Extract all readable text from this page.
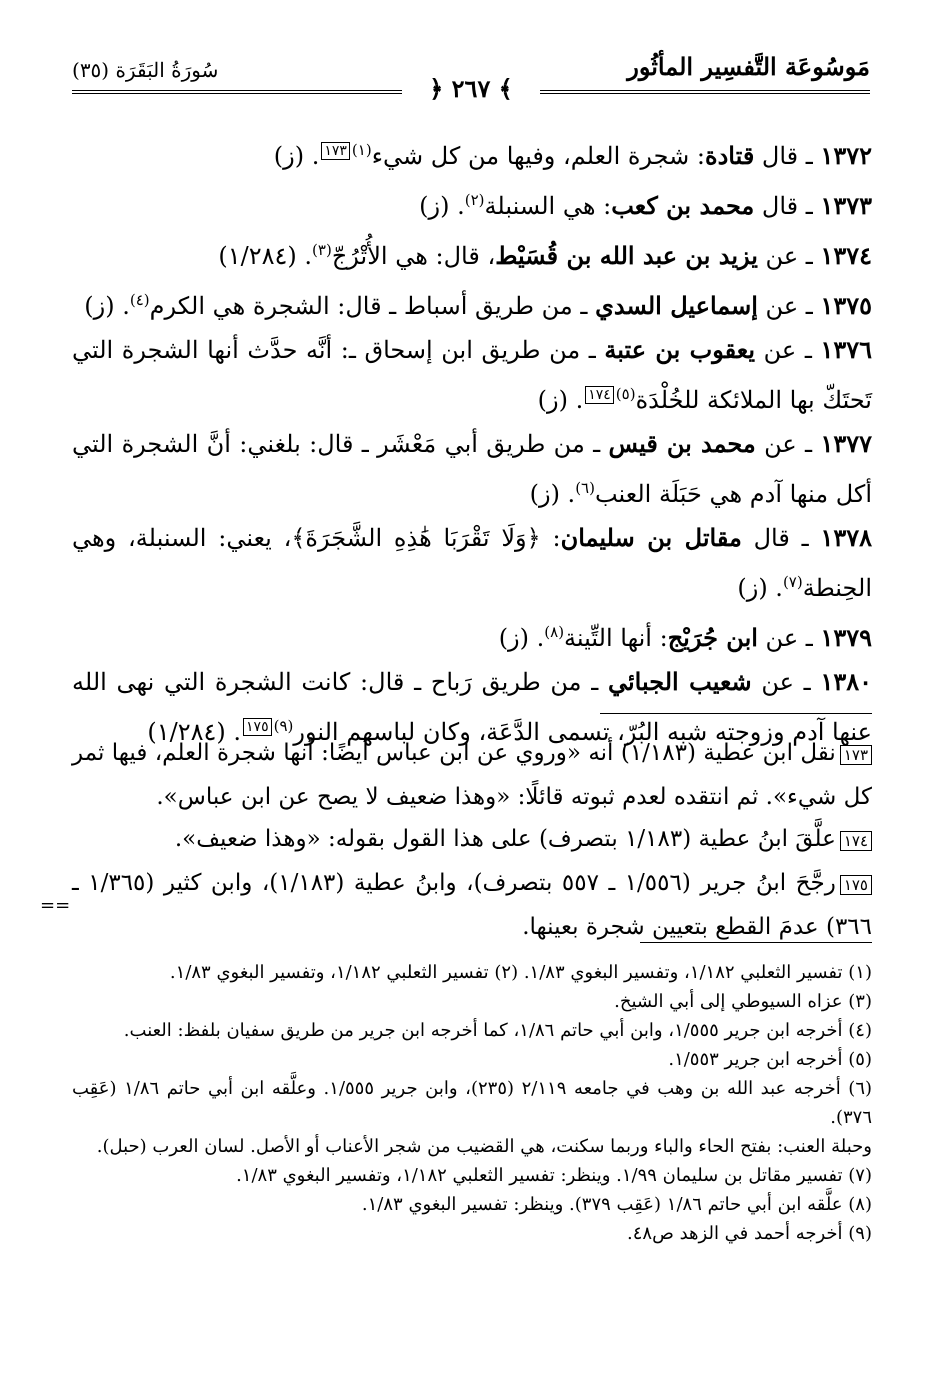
سُورَةُ البَقَرَة (٣٥)	مَوسُوعَة التَّفسِير المأثُور
﴿ ٢٦٧ ﴾
١٣٧٢ ـ قال قتادة: شجرة العلم، وفيها من كل شيء$^{(١)١٧٣}$. (ز)
١٣٧٣ ـ قال محمد بن كعب: هي السنبلة$^{(٢)}$. (ز)
١٣٧٤ ـ عن يزيد بن عبد الله بن قُسَيْط، قال: هي الأُتْرُجّ$^{(٣)}$. (١/٢٨٤)
١٣٧٥ ـ عن إسماعيل السدي ـ من طريق أسباط ـ قال: الشجرة هي الكرم$^{(٤)}$. (ز)
١٣٧٦ ـ عن يعقوب بن عتبة ـ من طريق ابن إسحاق ـ: أنَّه حدَّث أنها الشجرة التي تَحتَكّ بها الملائكة للخُلْدَة$^{(٥)١٧٤}$. (ز)
١٣٧٧ ـ عن محمد بن قيس ـ من طريق أبي مَعْشَر ـ قال: بلغني: أنَّ الشجرة التي أكل منها آدم هي حَبَلَة العنب$^{(٦)}$. (ز)
١٣٧٨ ـ قال مقاتل بن سليمان: ﴿وَلَا تَقْرَبَا هَٰذِهِ الشَّجَرَةَ﴾، يعني: السنبلة، وهي الحِنطة$^{(٧)}$. (ز)
١٣٧٩ ـ عن ابن جُرَيْج: أنها التِّينة$^{(٨)}$. (ز)
١٣٨٠ ـ عن شعيب الجبائي ـ من طريق رَباح ـ قال: كانت الشجرة التي نهى الله عنها آدم وزوجته شبه البُرّ، تسمى الدَّعَة، وكان لباسهم النور$^{(٩)١٧٥}$. (١/٢٨٤)
١٧٣نقل ابن عطية (١/١٨٣) أنه «وروي عن ابن عباس أيضًا: أنها شجرة العلم، فيها ثمر كل شيء». ثم انتقده لعدم ثبوته قائلًا: «وهذا ضعيف لا يصح عن ابن عباس».
١٧٤علَّقَ ابنُ عطية (١/١٨٣ بتصرف) على هذا القول بقوله: «وهذا ضعيف».
١٧٥رجَّحَ ابنُ جرير (١/٥٥٦ ـ ٥٥٧ بتصرف)، وابنُ عطية (١/١٨٣)، وابن كثير (١/٣٦٥ ـ ٣٦٦) عدمَ القطع بتعيين شجرة بعينها.
==
(١) تفسير الثعلبي ١/١٨٢، وتفسير البغوي ١/٨٣. (٢) تفسير الثعلبي ١/١٨٢، وتفسير البغوي ١/٨٣.
(٣) عزاه السيوطي إلى أبي الشيخ.
(٤) أخرجه ابن جرير ١/٥٥٥، وابن أبي حاتم ١/٨٦، كما أخرجه ابن جرير من طريق سفيان بلفظ: العنب.
(٥) أخرجه ابن جرير ١/٥٥٣.
(٦) أخرجه عبد الله بن وهب في جامعه ٢/١١٩ (٢٣٥)، وابن جرير ١/٥٥٥. وعلَّقه ابن أبي حاتم ١/٨٦ (عَقِب ٣٧٦).
وحبلة العنب: بفتح الحاء والباء وربما سكنت، هي القضيب من شجر الأعناب أو الأصل. لسان العرب (حبل).
(٧) تفسير مقاتل بن سليمان ١/٩٩. وينظر: تفسير الثعلبي ١/١٨٢، وتفسير البغوي ١/٨٣.
(٨) علَّقه ابن أبي حاتم ١/٨٦ (عَقِب ٣٧٩). وينظر: تفسير البغوي ١/٨٣.
(٩) أخرجه أحمد في الزهد ص٤٨.
